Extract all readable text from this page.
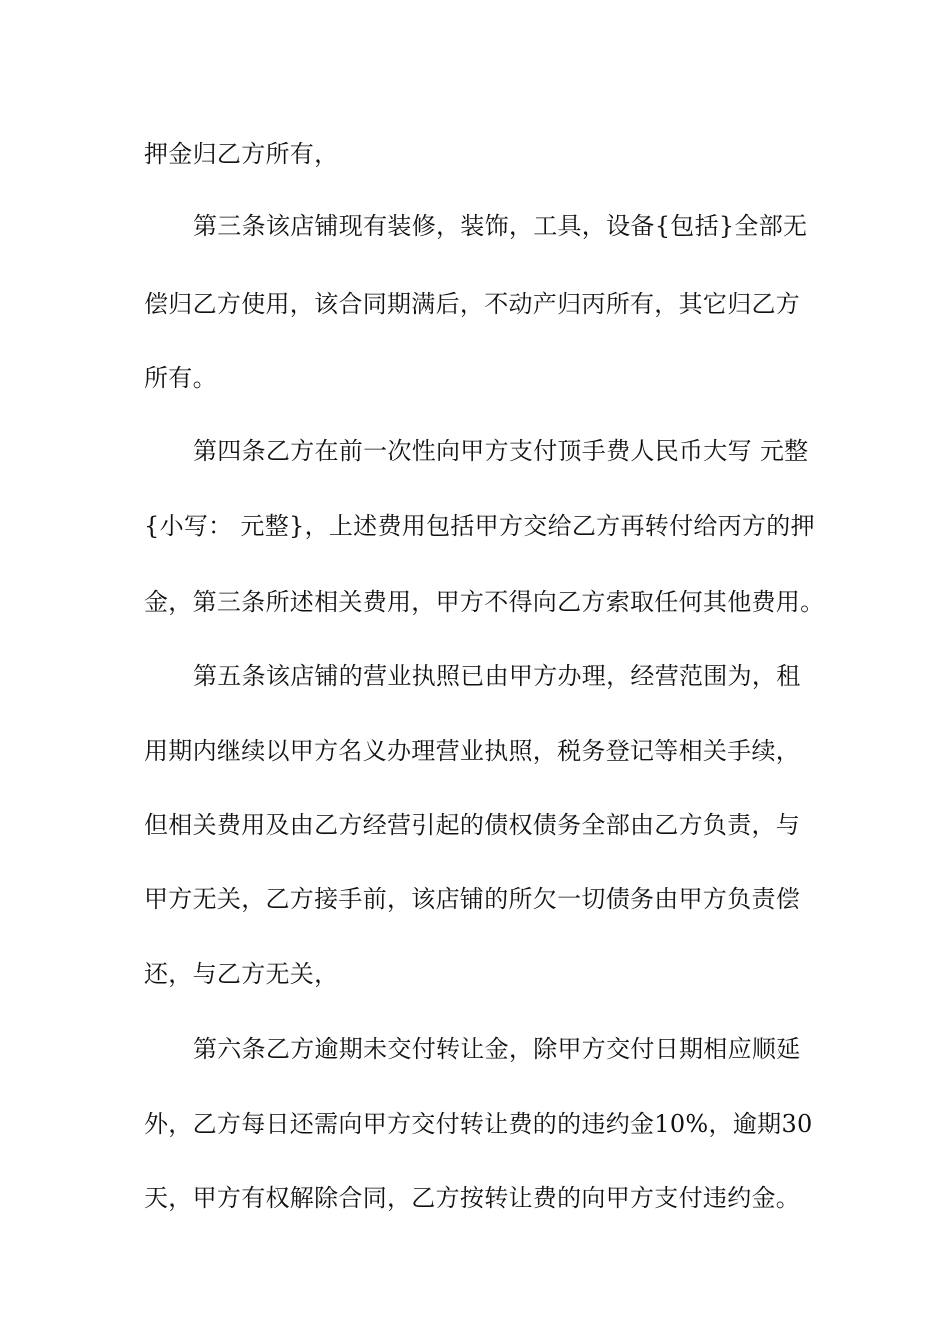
押金归乙方所有，
第三条该店铺现有装修，装饰，工具，设备{包括}全部无
偿归乙方使用，该合同期满后，不动产归丙所有，其它归乙方
所有。
第四条乙方在前一次性向甲方支付顶手费人民币大写 元整
{小写： 元整}，上述费用包括甲方交给乙方再转付给丙方的押
金，第三条所述相关费用，甲方不得向乙方索取任何其他费用。
第五条该店铺的营业执照已由甲方办理，经营范围为，租
用期内继续以甲方名义办理营业执照，税务登记等相关手续，
但相关费用及由乙方经营引起的债权债务全部由乙方负责，与
甲方无关，乙方接手前，该店铺的所欠一切债务由甲方负责偿
还，与乙方无关，
第六条乙方逾期未交付转让金，除甲方交付日期相应顺延
外，乙方每日还需向甲方交付转让费的的违约金10%，逾期30
天，甲方有权解除合同，乙方按转让费的向甲方支付违约金。
